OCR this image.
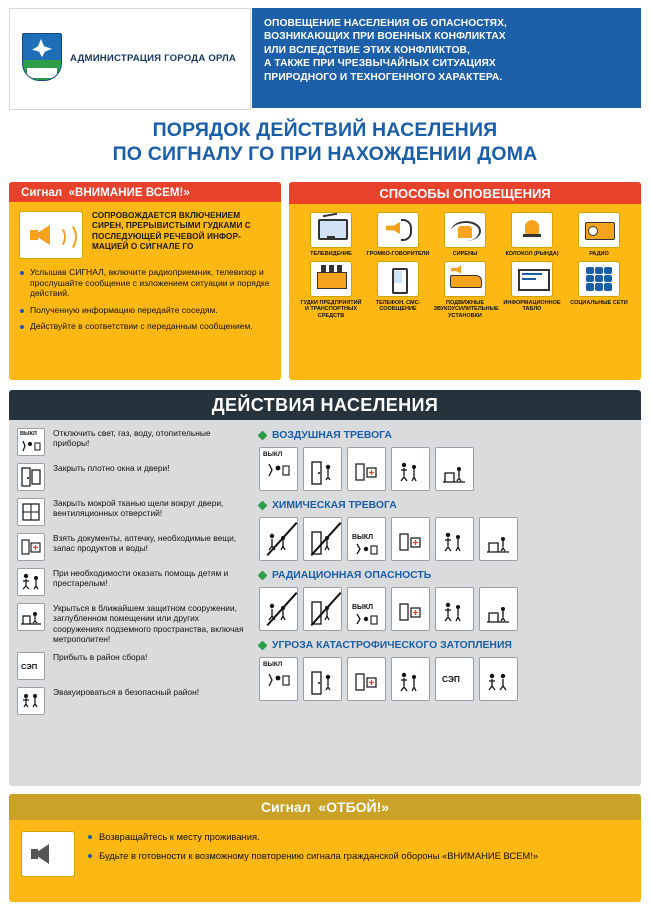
АДМИНИСТРАЦИЯ ГОРОДА ОРЛА

ОПОВЕЩЕНИЕ НАСЕЛЕНИЯ ОБ ОПАСНОСТЯХ,

ВОЗНИКАЮЩИХ ПРИ ВОЕННЫХ КОНФЛИКТАХ

ИЛИ ВСЛЕДСТВИЕ ЭТИХ КОНФЛИКТОВ,

А ТАКЖЕ ПРИ ЧРЕЗВЫЧАЙНЫХ СИТУАЦИЯХ

ПРИРОДНОГО И ТЕХНОГЕННОГО ХАРАКТЕРА.

ПОРЯДОК ДЕЙСТВИЙ НАСЕЛЕНИЯ
ПО СИГНАЛУ ГО ПРИ НАХОЖДЕНИИ ДОМА
Сигнал
«ВНИМАНИЕ ВСЕМ!»
СОПРОВОЖДАЕТСЯ ВКЛЮЧЕНИЕМ СИРЕН, ПРЕРЫВИСТЫМИ ГУДКАМИ С ПОСЛЕДУЮЩЕЙ РЕЧЕВОЙ ИНФОР-МАЦИЕЙ О СИГНАЛЕ ГО
Услышав СИГНАЛ, включите радиоприемник, телевизор и прослушайте сообщение с изложением ситуации и порядке действий.
Полученную информацию передайте соседям.
Действуйте в соответствии с переданным сообщением.
СПОСОБЫ ОПОВЕЩЕНИЯ
ТЕЛЕВИДЕНИЕ	ГРОМКО-ГОВОРИТЕЛИ	СИРЕНЫ	КОЛОКОЛ (РЫНДА)	РАДИО
ГУДКИ ПРЕДПРИЯТИЙ И ТРАНСПОРТНЫХ СРЕДСТВ
ТЕЛЕФОН, СМС-СООБЩЕНИЕ
ПОДВИЖНЫЕ ЗВУКОУСИЛИТЕЛЬНЫЕ УСТАНОВКИ
ИНФОРМАЦИОННОЕ ТАБЛО
СОЦИАЛЬНЫЕ СЕТИ
ДЕЙСТВИЯ НАСЕЛЕНИЯ
ВЫКЛ Отключить свет, газ, воду, отопительные приборы!
Закрыть плотно окна и двери!
Закрыть мокрой тканью щели вокруг двери, вентиляционных отверстий!
Взять документы, аптечку, необходимые вещи, запас продуктов и воды!
При необходимости оказать помощь детям и престарелым!
Укрыться в ближайшем защитном сооружении, заглубленном помещении или других сооружениях подземного пространства, включая метрополитен!
СЭП
Прибыть в район сбора!
Эвакуироваться в безопасный район!
ВОЗДУШНАЯ ТРЕВОГА
ВЫКЛ
ХИМИЧЕСКАЯ ТРЕВОГА
ВЫКЛ
РАДИАЦИОННАЯ ОПАСНОСТЬ
ВЫКЛ
УГРОЗА КАТАСТРОФИЧЕСКОГО ЗАТОПЛЕНИЯ
ВЫКЛ
СЭП
Сигнал
«ОТБОЙ!»
Возвращайтесь к месту проживания.
Будьте в готовности к возможному повторению сигнала гражданской обороны «ВНИМАНИЕ ВСЕМ!»
